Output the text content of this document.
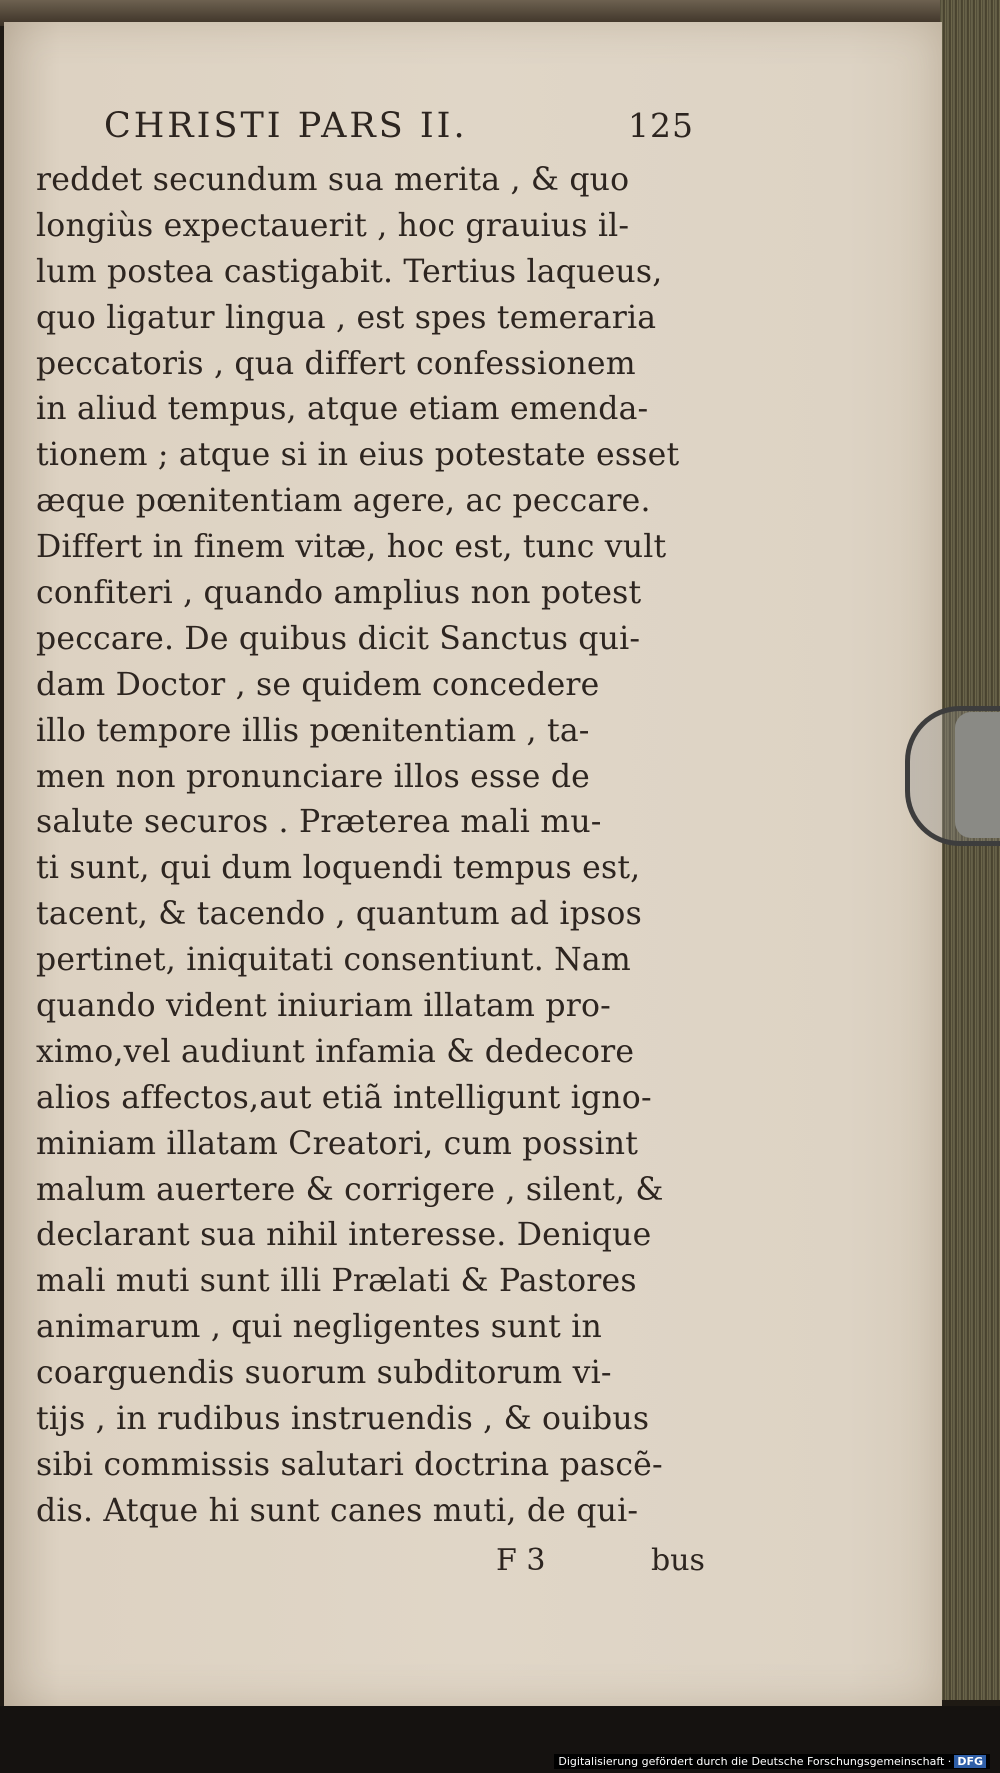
CHRISTI PARS II.	125
reddet secundum sua merita , & quo
longiùs expectauerit , hoc grauius il-
lum postea castigabit. Tertius laqueus,
quo ligatur lingua , est spes temeraria
peccatoris , qua differt confessionem
in aliud tempus, atque etiam emenda-
tionem ; atque si in eius potestate esset
æque pœnitentiam agere, ac peccare.
Differt in finem vitæ, hoc est, tunc vult
confiteri , quando amplius non potest
peccare. De quibus dicit Sanctus qui-
dam Doctor , se quidem concedere
illo tempore illis pœnitentiam , ta-
men non pronunciare illos esse de
salute securos . Præterea mali mu-
ti sunt, qui dum loquendi tempus est,
tacent, & tacendo , quantum ad ipsos
pertinet, iniquitati consentiunt. Nam
quando vident iniuriam illatam pro-
ximo,vel audiunt infamia & dedecore
alios affectos,aut etiã intelligunt igno-
miniam illatam Creatori, cum possint
malum auertere & corrigere , silent, &
declarant sua nihil interesse. Denique
mali muti sunt illi Prælati & Pastores
animarum , qui negligentes sunt in
coarguendis suorum subditorum vi-
tijs , in rudibus instruendis , & ouibus
sibi commissis salutari doctrina pascẽ-
dis. Atque hi sunt canes muti, de qui-
F 3	bus
Digitalisierung gefördert durch die Deutsche Forschungsgemeinschaft · DFG
